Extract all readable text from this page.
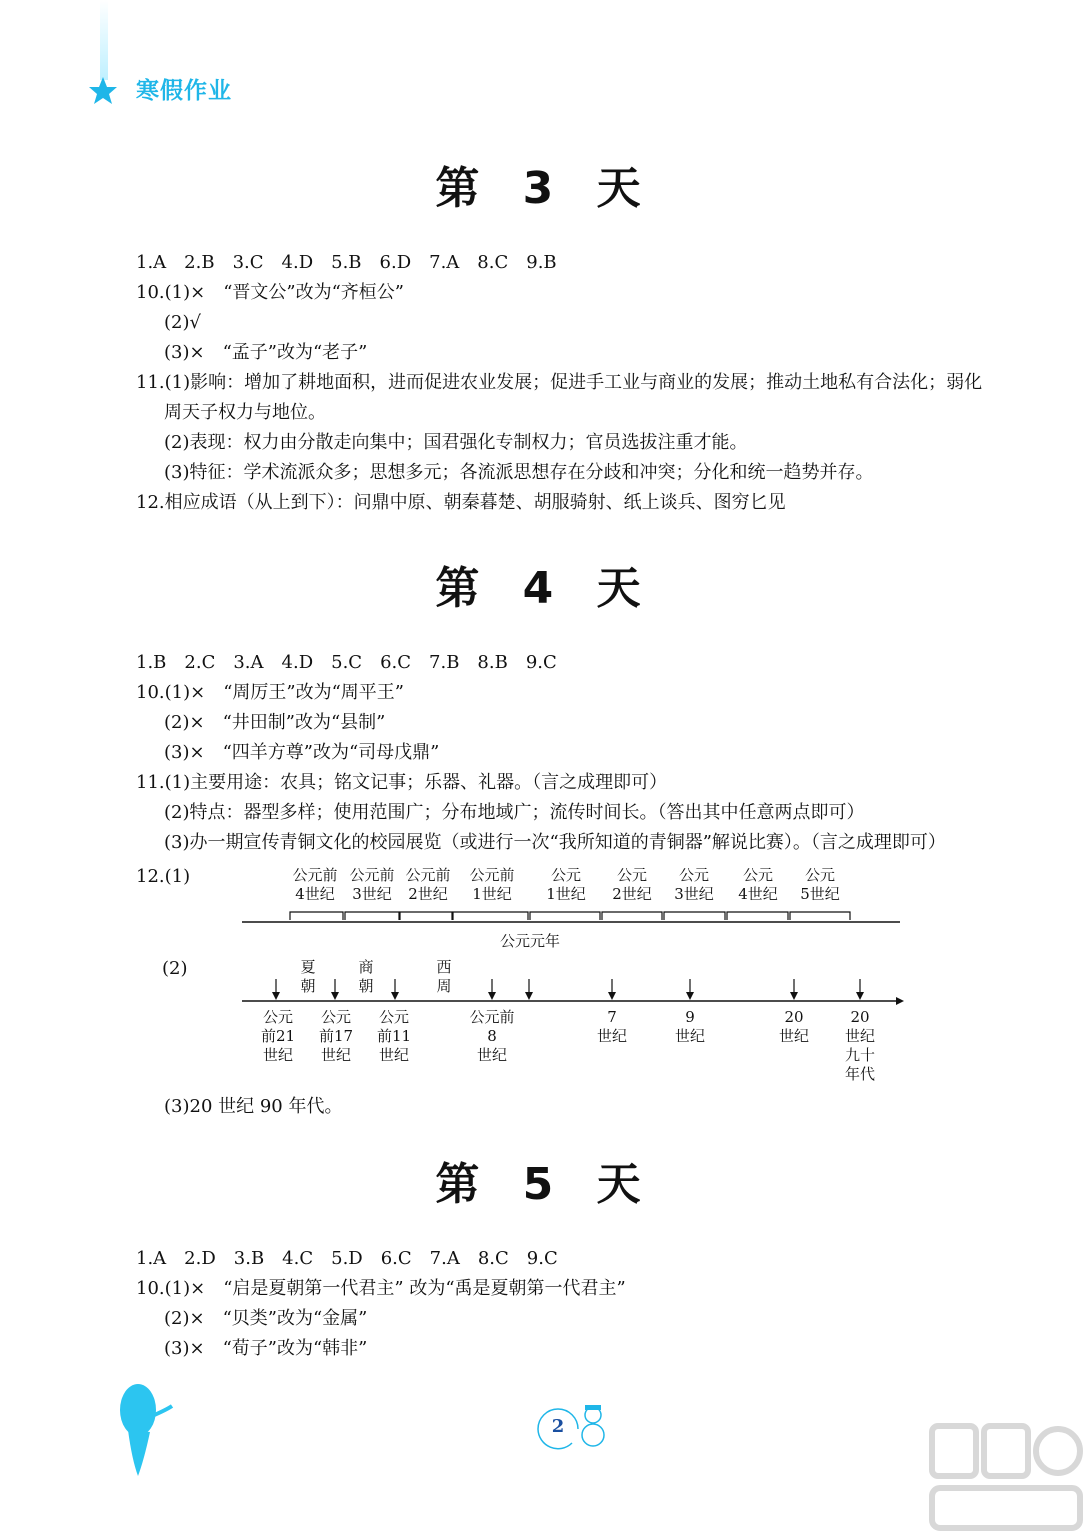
寒假作业
第 3 天
1.A　2.B　3.C　4.D　5.B　6.D　7.A　8.C　9.B
10.(1)×　“晋文公”改为“齐桓公”
(2)√
(3)×　“孟子”改为“老子”
11.(1)影响：增加了耕地面积，进而促进农业发展；促进手工业与商业的发展；推动土地私有合法化；弱化
周天子权力与地位。
(2)表现：权力由分散走向集中；国君强化专制权力；官员选拔注重才能。
(3)特征：学术流派众多；思想多元；各流派思想存在分歧和冲突；分化和统一趋势并存。
12.相应成语（从上到下）：问鼎中原、朝秦暮楚、胡服骑射、纸上谈兵、图穷匕见
第 4 天
1.B　2.C　3.A　4.D　5.C　6.C　7.B　8.B　9.C
10.(1)×　“周厉王”改为“周平王”
(2)×　“井田制”改为“县制”
(3)×　“四羊方尊”改为“司母戊鼎”
11.(1)主要用途：农具；铭文记事；乐器、礼器。（言之成理即可）
(2)特点：器型多样；使用范围广；分布地域广；流传时间长。（答出其中任意两点即可）
(3)办一期宣传青铜文化的校园展览（或进行一次“我所知道的青铜器”解说比赛）。（言之成理即可）
12.(1)	公元前
4世纪
公元前
3世纪
公元前
2世纪
公元前
1世纪
公元
1世纪
公元
2世纪
公元
3世纪
公元
4世纪
公元
5世纪
公元元年
(2)	夏
朝
商
朝
西
周
公元
前21
世纪
公元
前17
世纪
公元
前11
世纪
公元前
8
世纪
7
世纪
9
世纪
20
世纪
20
世纪
九十
年代
(3)20 世纪 90 年代。
第 5 天
1.A　2.D　3.B　4.C　5.D　6.C　7.A　8.C　9.C
10.(1)×　“启是夏朝第一代君主” 改为“禹是夏朝第一代君主”
(2)×　“贝类”改为“金属”
(3)×　“荀子”改为“韩非”
2
